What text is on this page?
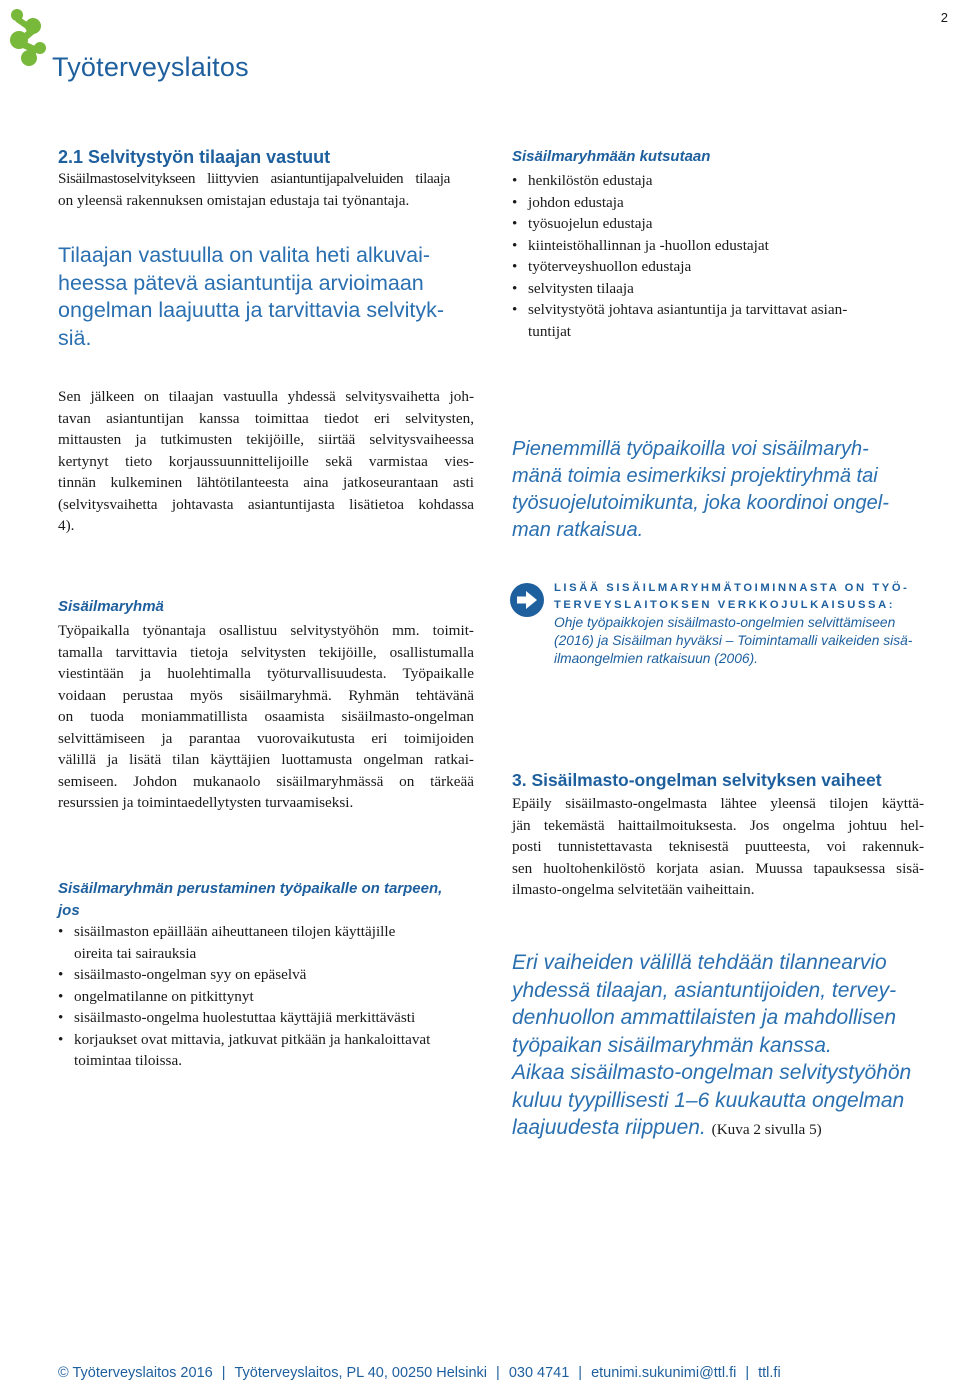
2
Työterveyslaitos
2.1 Selvitystyön tilaajan vastuut
Sisäilmastoselvitykseen liittyvien asiantuntijapalveluiden tilaaja
on yleensä rakennuksen omistajan edustaja tai työnantaja.
Tilaajan vastuulla on valita heti alkuvai-
heessa pätevä asiantuntija arvioimaan
ongelman laajuutta ja tarvittavia selvityk-
siä.
Sen jälkeen on tilaajan vastuulla yhdessä selvitysvaihetta joh-
tavan asiantuntijan kanssa toimittaa tiedot eri selvitysten,
mittausten ja tutkimusten tekijöille, siirtää selvitysvaiheessa
kertynyt tieto korjaussuunnittelijoille sekä varmistaa vies-
tinnän kulkeminen lähtötilanteesta aina jatkoseurantaan asti
(selvitysvaihetta johtavasta asiantuntijasta lisätietoa kohdassa
4).
Sisäilmaryhmä
Työpaikalla työnantaja osallistuu selvitystyöhön mm. toimit-
tamalla tarvittavia tietoja selvitysten tekijöille, osallistumalla
viestintään ja huolehtimalla työturvallisuudesta. Työpaikalle
voidaan perustaa myös sisäilmaryhmä. Ryhmän tehtävänä
on tuoda moniammatillista osaamista sisäilmasto-ongelman
selvittämiseen ja parantaa vuorovaikutusta eri toimijoiden
välillä ja lisätä tilan käyttäjien luottamusta ongelman ratkai-
semiseen. Johdon mukanaolo sisäilmaryhmässä on tärkeää
resurssien ja toimintaedellytysten turvaamiseksi.
Sisäilmaryhmän perustaminen työpaikalle on tarpeen,
jos
• sisäilmaston epäillään aiheuttaneen tilojen käyttäjille
oireita tai sairauksia
• sisäilmasto-ongelman syy on epäselvä
• ongelmatilanne on pitkittynyt
• sisäilmasto-ongelma huolestuttaa käyttäjiä merkittävästi
• korjaukset ovat mittavia, jatkuvat pitkään ja hankaloittavat
toimintaa tiloissa.
Sisäilmaryhmään kutsutaan
• henkilöstön edustaja
• johdon edustaja
• työsuojelun edustaja
• kiinteistöhallinnan ja -huollon edustajat
• työterveyshuollon edustaja
• selvitysten tilaaja
• selvitystyötä johtava asiantuntija ja tarvittavat asian-
tuntijat
Pienemmillä työpaikoilla voi sisäilmaryh-
mänä toimia esimerkiksi projektiryhmä tai
työsuojelutoimikunta, joka koordinoi ongel-
man ratkaisua.
LISÄÄ SISÄILMARYHMÄTOIMINNASTA ON TYÖ-
TERVEYSLAITOKSEN VERKKOJULKAISUSSA:
Ohje työpaikkojen sisäilmasto-ongelmien selvittämiseen
(2016) ja Sisäilman hyväksi – Toimintamalli vaikeiden sisä-
ilmaongelmien ratkaisuun (2006).
3. Sisäilmasto-ongelman selvityksen vaiheet
Epäily sisäilmasto-ongelmasta lähtee yleensä tilojen käyttä-
jän tekemästä haittailmoituksesta. Jos ongelma johtuu hel-
posti tunnistettavasta teknisestä puutteesta, voi rakennuk-
sen huoltohenkilöstö korjata asian. Muussa tapauksessa sisä-
ilmasto-ongelma selvitetään vaiheittain.
Eri vaiheiden välillä tehdään tilannearvio
yhdessä tilaajan, asiantuntijoiden, tervey-
denhuollon ammattilaisten ja mahdollisen
työpaikan sisäilmaryhmän kanssa.
Aikaa sisäilmasto-ongelman selvitystyöhön
kuluu tyypillisesti 1–6 kuukautta ongelman
laajuudesta riippuen. (Kuva 2 sivulla 5)
© Työterveyslaitos 2016 | Työterveyslaitos, PL 40, 00250 Helsinki | 030 4741 | etunimi.sukunimi@ttl.fi | ttl.fi
